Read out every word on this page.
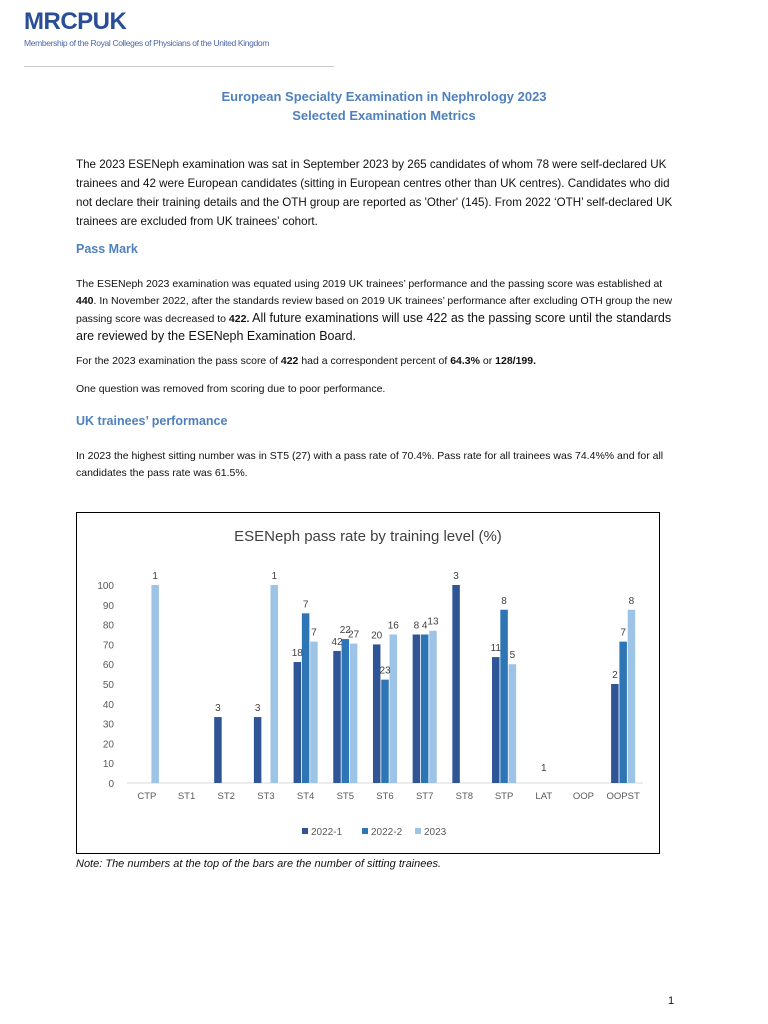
MRCPUK
Membership of the Royal Colleges of Physicians of the United Kingdom
European Specialty Examination in Nephrology 2023
Selected Examination Metrics
The 2023 ESENeph examination was sat in September 2023 by 265 candidates of whom 78 were self-declared UK trainees and 42 were European candidates (sitting in European centres other than UK centres). Candidates who did not declare their training details and the OTH group are reported as 'Other' (145). From 2022 ‘OTH’ self-declared UK trainees are excluded from UK trainees’ cohort.
Pass Mark
The ESENeph 2023 examination was equated using 2019 UK trainees’ performance and the passing score was established at 440. In November 2022, after the standards review based on 2019 UK trainees’ performance after excluding OTH group the new passing score was decreased to 422. All future examinations will use 422 as the passing score until the standards are reviewed by the ESENeph Examination Board.
For the 2023 examination the pass score of 422 had a correspondent percent of 64.3% or 128/199.
One question was removed from scoring due to poor performance.
UK trainees’ performance
In 2023 the highest sitting number was in ST5 (27) with a pass rate of 70.4%. Pass rate for all trainees was 74.4%% and for all candidates the pass rate was 61.5%.
ESENeph pass rate by training level (%)
0
10
20
30
40
50
60
70
80
90
100
CTP ST1 ST2 ST3 ST4 ST5 ST6 ST7 ST8 STP LAT OOP OOPST
3	3
18
42
20
8
3
11
2
7
22
23
4
8
1
7
1	1
7	27
16	13
5
8
2022-1	2022-2 2023
Note: The numbers at the top of the bars are the number of sitting trainees.
1
